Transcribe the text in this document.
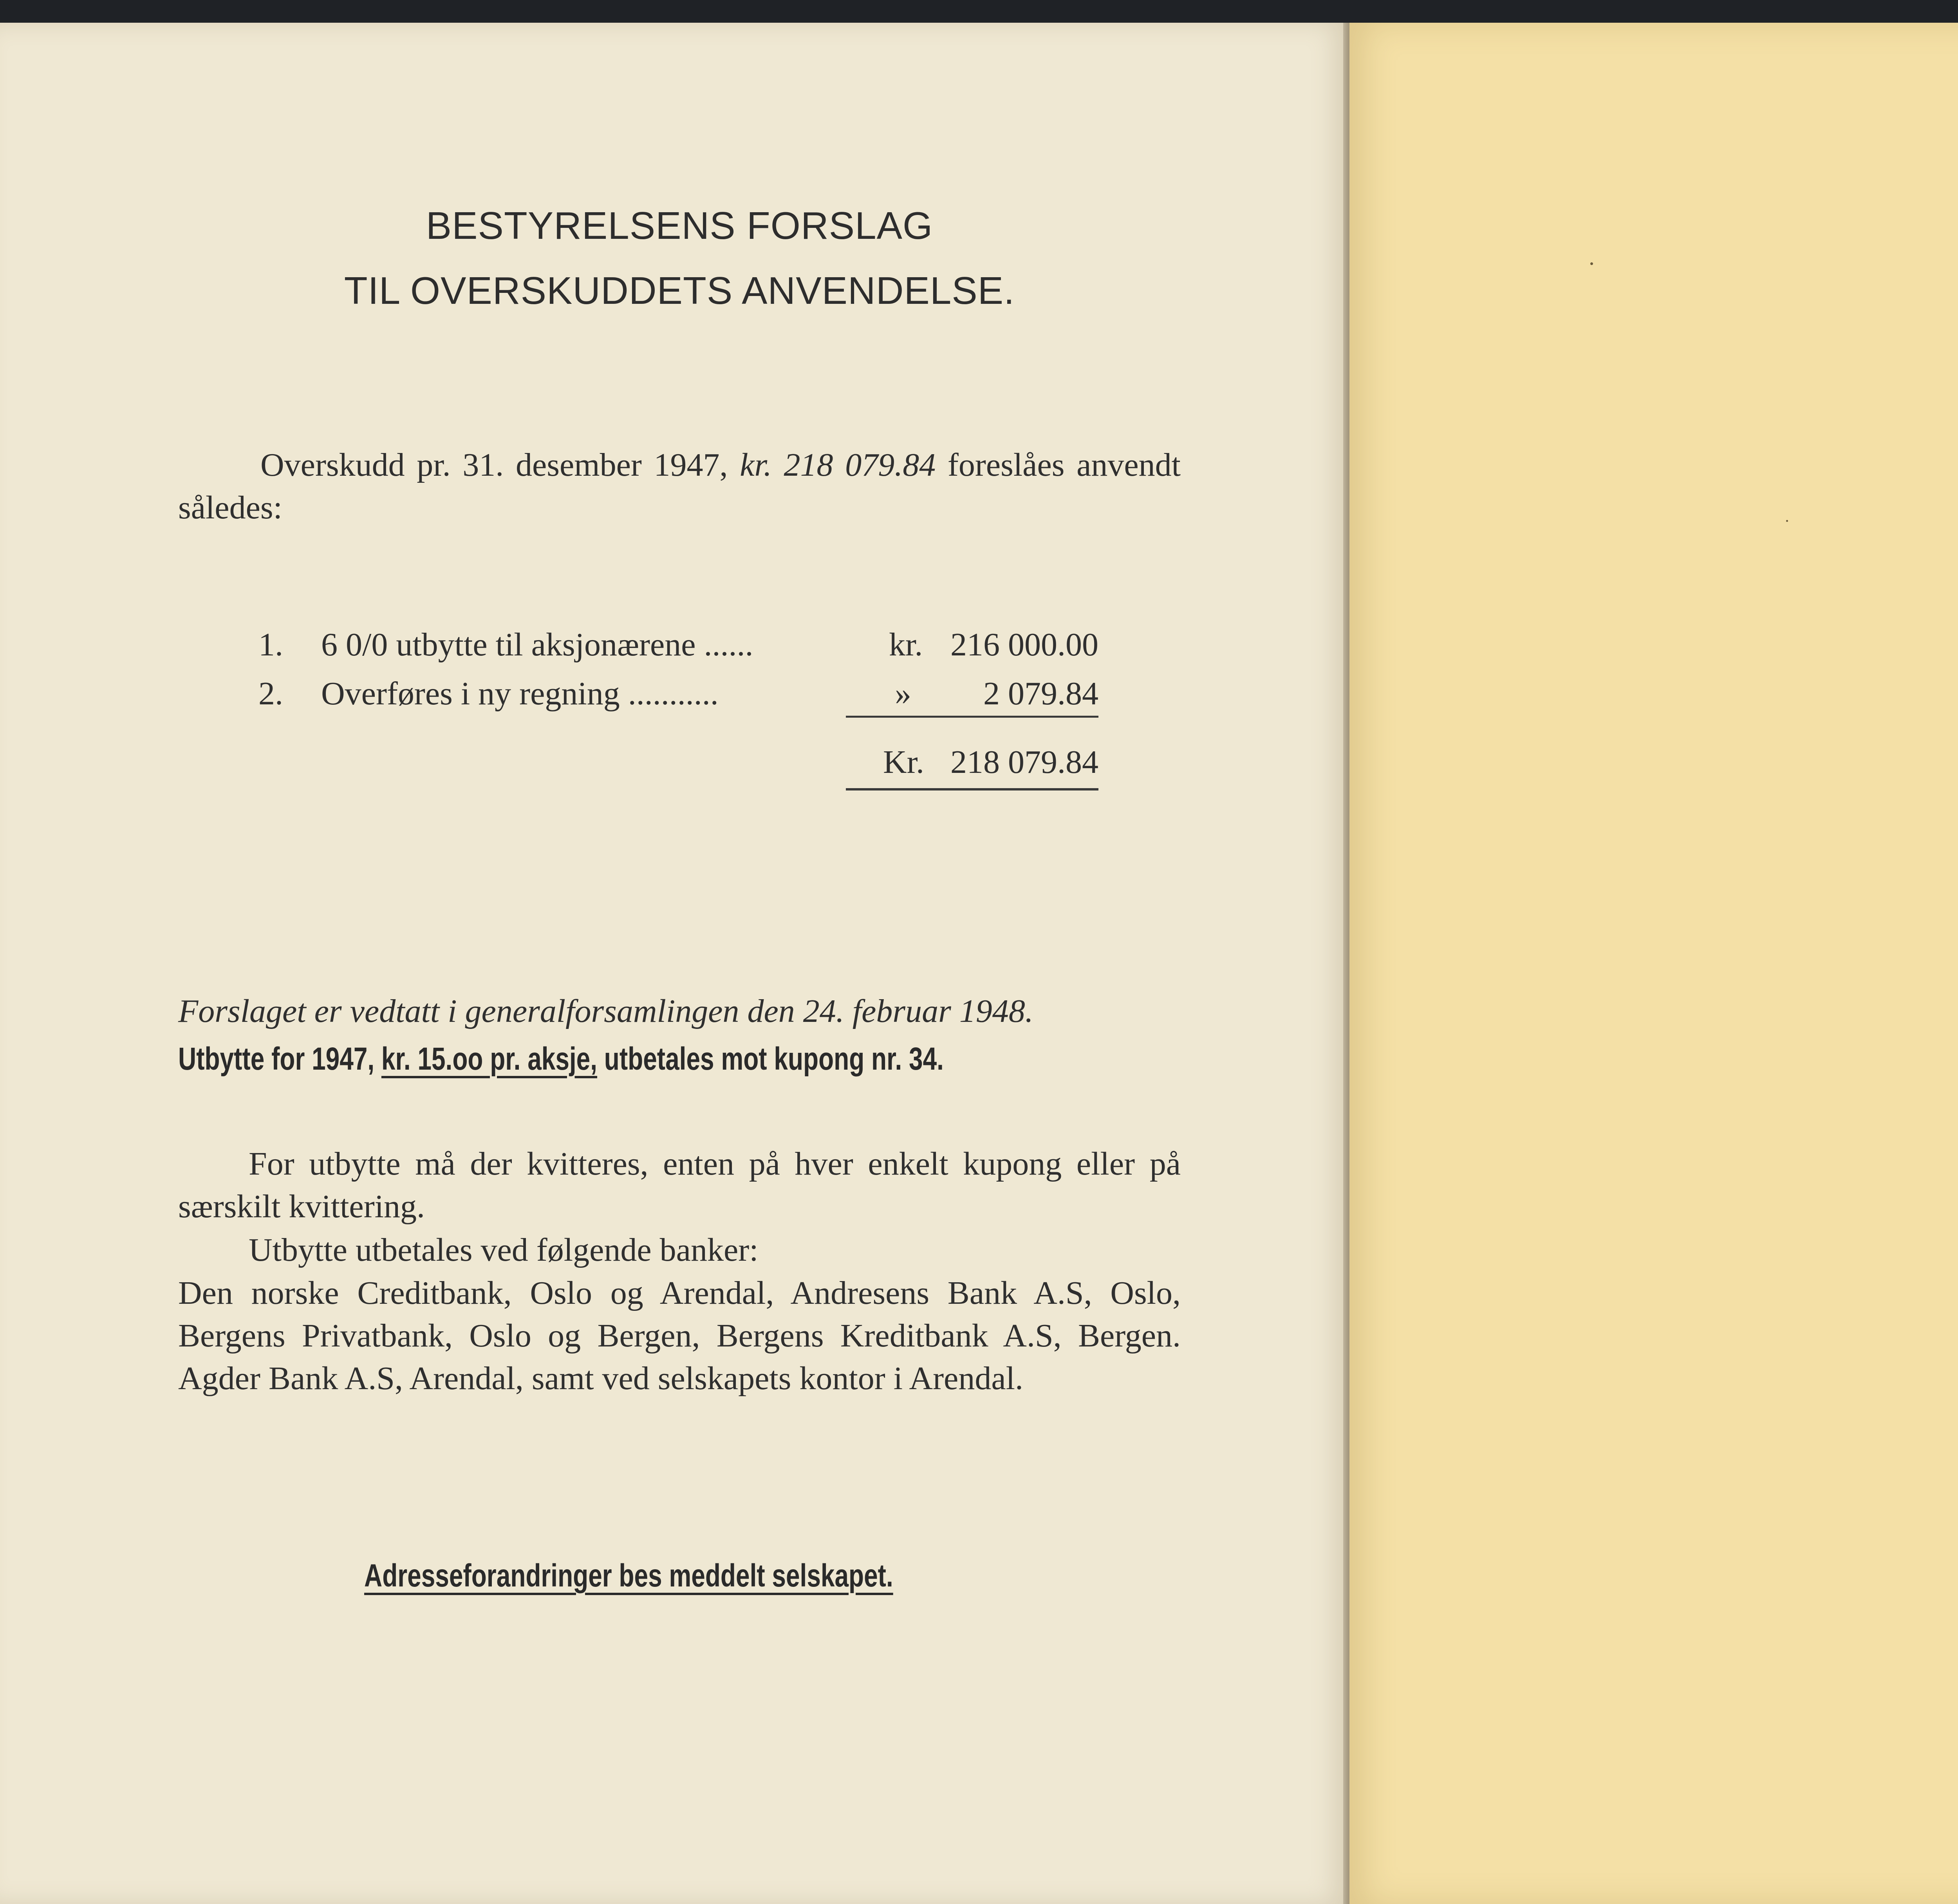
BESTYRELSENS FORSLAG
TIL OVERSKUDDETS ANVENDELSE.
Overskudd pr. 31. desember 1947, kr. 218 079.84 foreslåes anvendt således:
1. 6 0/0 utbytte til aksjonærene ......	kr. 216 000.00
2. Overføres i ny regning ...........	»	2 079.84
Kr. 218 079.84
Forslaget er vedtatt i generalforsamlingen den 24. februar 1948.
Utbytte for 1947, kr. 15.oo pr. aksje, utbetales mot kupong nr. 34.
For utbytte må der kvitteres, enten på hver enkelt kupong eller på særskilt kvittering.
Utbytte utbetales ved følgende banker:
Den norske Creditbank, Oslo og Arendal, Andresens Bank A.S, Oslo, Bergens Privatbank, Oslo og Bergen, Bergens Kreditbank A.S, Bergen. Agder Bank A.S, Arendal, samt ved selskapets kontor i Arendal.
Adresseforandringer bes meddelt selskapet.
